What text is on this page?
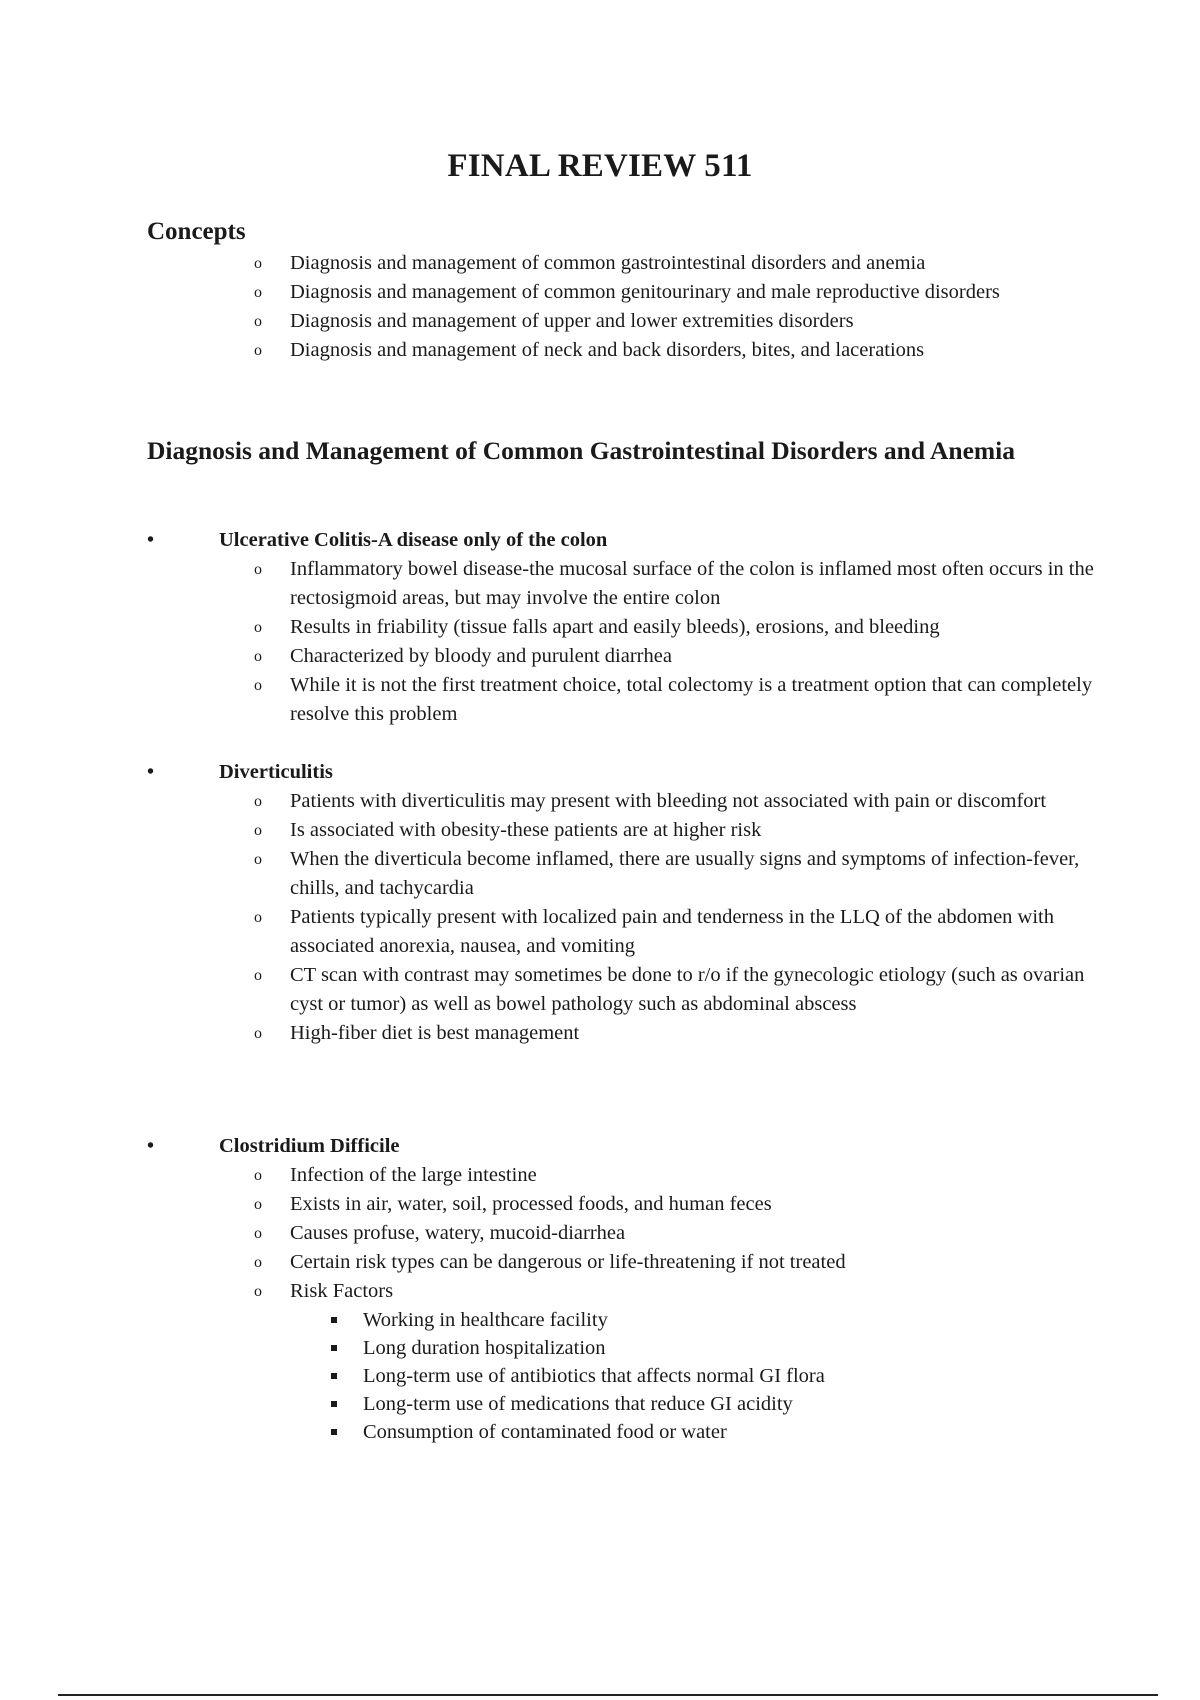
FINAL REVIEW 511
Concepts
o Diagnosis and management of common gastrointestinal disorders and anemia
o Diagnosis and management of common genitourinary and male reproductive disorders
o Diagnosis and management of upper and lower extremities disorders
o Diagnosis and management of neck and back disorders, bites, and lacerations
Diagnosis and Management of Common Gastrointestinal Disorders and Anemia
•	Ulcerative Colitis-A disease only of the colon
o Inflammatory bowel disease-the mucosal surface of the colon is inflamed most often occurs in the rectosigmoid areas, but may involve the entire colon
o Results in friability (tissue falls apart and easily bleeds), erosions, and bleeding
o Characterized by bloody and purulent diarrhea
o While it is not the first treatment choice, total colectomy is a treatment option that can completely resolve this problem
•	Diverticulitis
o Patients with diverticulitis may present with bleeding not associated with pain or discomfort
o Is associated with obesity-these patients are at higher risk
o When the diverticula become inflamed, there are usually signs and symptoms of infection-fever, chills, and tachycardia
o Patients typically present with localized pain and tenderness in the LLQ of the abdomen with associated anorexia, nausea, and vomiting
o CT scan with contrast may sometimes be done to r/o if the gynecologic etiology (such as ovarian cyst or tumor) as well as bowel pathology such as abdominal abscess
o High-fiber diet is best management
•	Clostridium Difficile
o Infection of the large intestine
o Exists in air, water, soil, processed foods, and human feces
o Causes profuse, watery, mucoid-diarrhea
o Certain risk types can be dangerous or life-threatening if not treated
o Risk Factors
Working in healthcare facility
Long duration hospitalization
Long-term use of antibiotics that affects normal GI flora
Long-term use of medications that reduce GI acidity
Consumption of contaminated food or water
